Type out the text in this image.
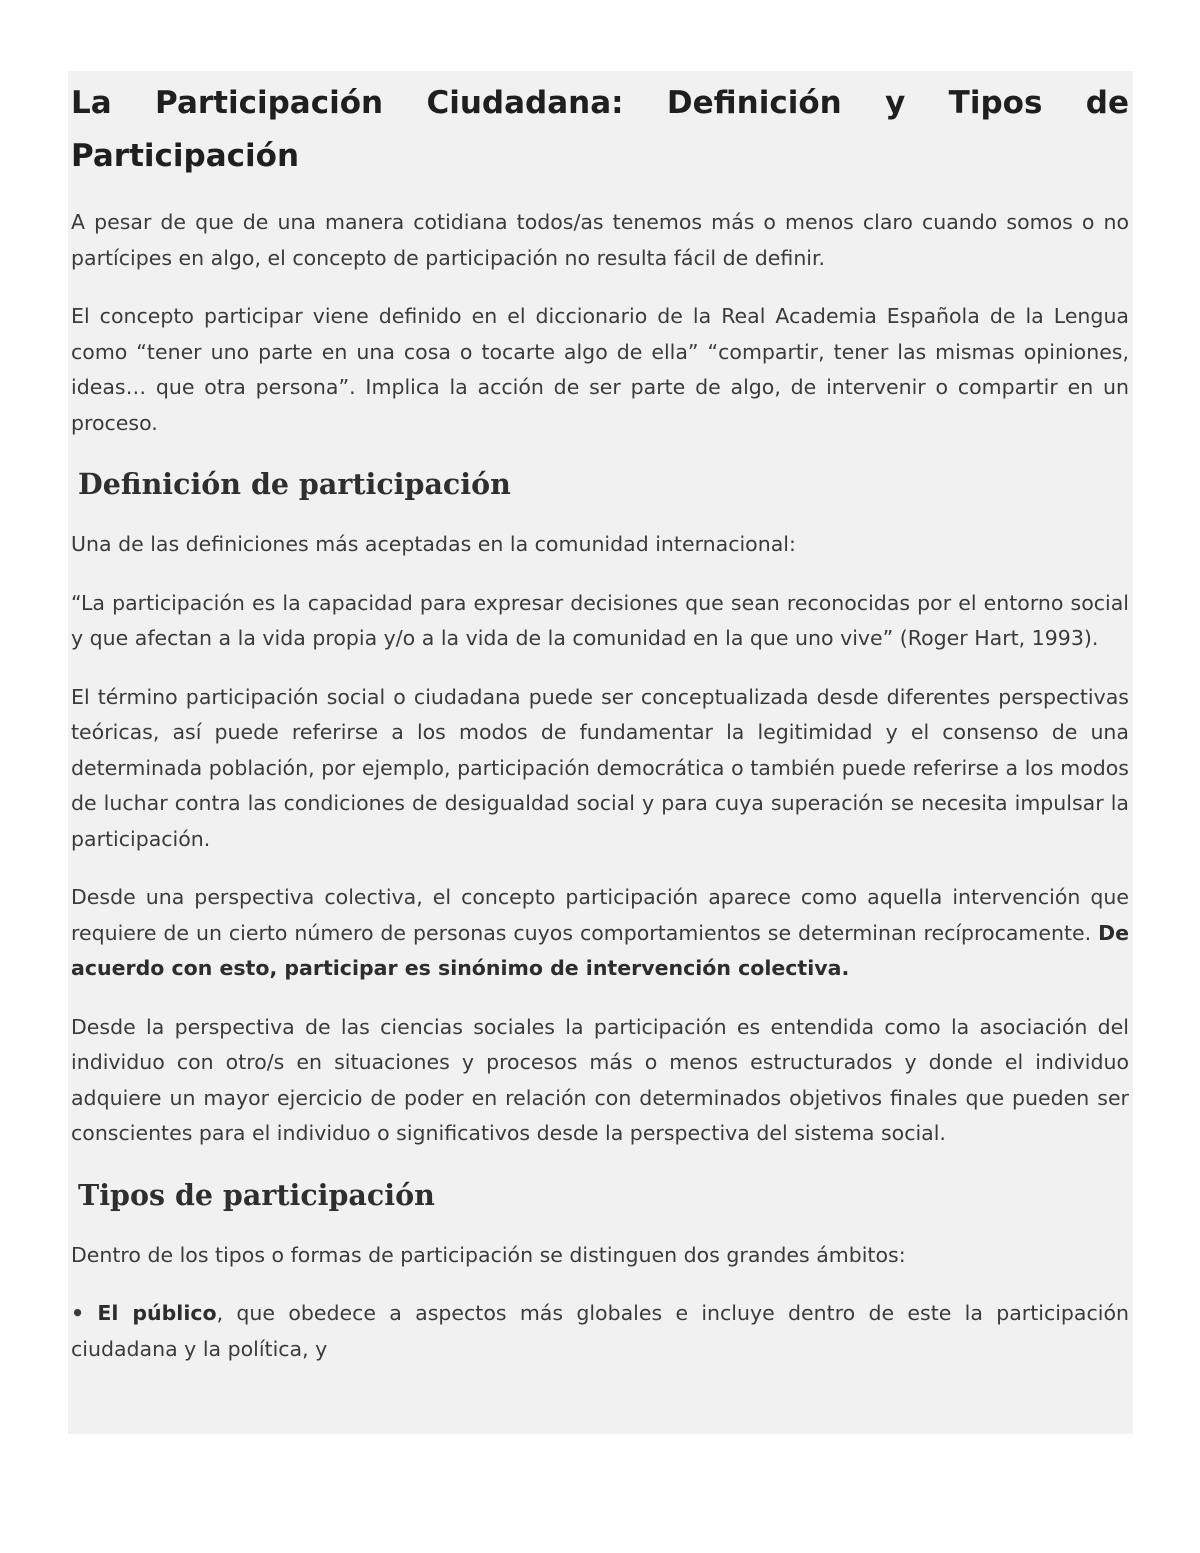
La Participación Ciudadana: Definición y Tipos de Participación

A pesar de que de una manera cotidiana todos/as tenemos más o menos claro cuando somos o no partícipes en algo, el concepto de participación no resulta fácil de definir.

El concepto participar viene definido en el diccionario de la Real Academia Española de la Lengua como “tener uno parte en una cosa o tocarte algo de ella” “compartir, tener las mismas opiniones, ideas… que otra persona”. Implica la acción de ser parte de algo, de intervenir o compartir en un proceso.

Definición de participación

Una de las definiciones más aceptadas en la comunidad internacional:

“La participación es la capacidad para expresar decisiones que sean reconocidas por el entorno social y que afectan a la vida propia y/o a la vida de la comunidad en la que uno vive” (Roger Hart, 1993).

El término participación social o ciudadana puede ser conceptualizada desde diferentes perspectivas teóricas, así puede referirse a los modos de fundamentar la legitimidad y el consenso de una determinada población, por ejemplo, participación democrática o también puede referirse a los modos de luchar contra las condiciones de desigualdad social y para cuya superación se necesita impulsar la participación.

Desde una perspectiva colectiva, el concepto participación aparece como aquella intervención que requiere de un cierto número de personas cuyos comportamientos se determinan recíprocamente. De acuerdo con esto, participar es sinónimo de intervención colectiva.

Desde la perspectiva de las ciencias sociales la participación es entendida como la asociación del individuo con otro/s en situaciones y procesos más o menos estructurados y donde el individuo adquiere un mayor ejercicio de poder en relación con determinados objetivos finales que pueden ser conscientes para el individuo o significativos desde la perspectiva del sistema social.

Tipos de participación

Dentro de los tipos o formas de participación se distinguen dos grandes ámbitos:

• El público, que obedece a aspectos más globales e incluye dentro de este la participación ciudadana y la política, y
